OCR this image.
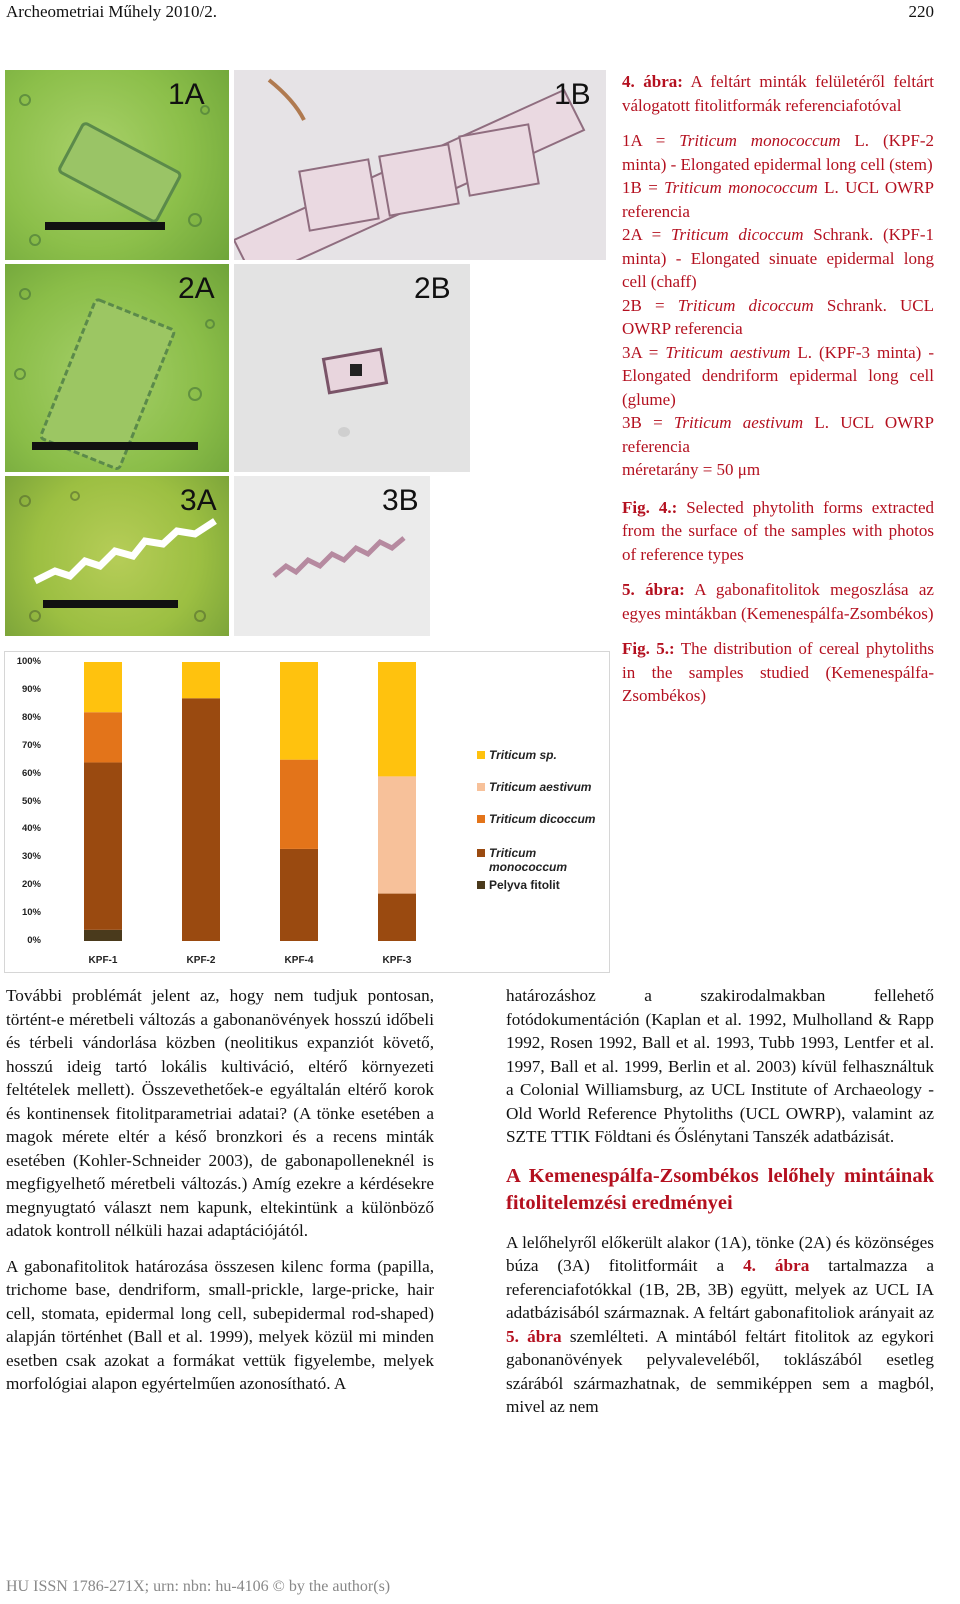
Archeometriai Műhely 2010/2.	220
1A	1B
2A	2B
3A	3B

4. ábra: A feltárt minták felületéről feltárt válogatott fitolitformák referenciafotóval

1A = Triticum monococcum L. (KPF-2 minta) - Elongated epidermal long cell (stem)

1B = Triticum monococcum L. UCL OWRP referencia

2A = Triticum dicoccum Schrank. (KPF-1 minta) - Elongated sinuate epidermal long cell (chaff)

2B = Triticum dicoccum Schrank. UCL OWRP referencia

3A = Triticum aestivum L. (KPF-3 minta) - Elongated dendriform epidermal long cell (glume)

3B = Triticum aestivum L. UCL OWRP referencia

méretarány = 50 μm

Fig. 4.: Selected phytolith forms extracted from the surface of the samples with photos of reference types

5. ábra: A gabonafitolitok megoszlása az egyes mintákban (Kemenespálfa-Zsombékos)

Fig. 5.: The distribution of cereal phytoliths in the samples studied (Kemenespálfa-Zsombékos)

0%
10%
20%
30%
40%
50%
60%
70%
80%
90%
100%
KPF-1	KPF-2	KPF-4	KPF-3
Triticum sp.
Triticum aestivum
Triticum dicoccum
Triticum monococcum
Pelyva fitolit

További problémát jelent az, hogy nem tudjuk pontosan, történt-e méretbeli változás a gabonanövények hosszú időbeli és térbeli vándorlása közben (neolitikus expanziót követő, hosszú ideig tartó lokális kultiváció, eltérő környezeti feltételek mellett). Összevethetőek-e egyáltalán eltérő korok és kontinensek fitolitparametriai adatai? (A tönke esetében a magok mérete eltér a késő bronzkori és a recens minták esetében (Kohler-Schneider 2003), de gabonapolleneknél is megfigyelhető méretbeli változás.) Amíg ezekre a kérdésekre megnyugtató választ nem kapunk, eltekintünk a különböző adatok kontroll nélküli hazai adaptációjától.

A gabonafitolitok határozása összesen kilenc forma (papilla, trichome base, dendriform, small-prickle, large-pricke, hair cell, stomata, epidermal long cell, subepidermal rod-shaped) alapján történhet (Ball et al. 1999), melyek közül mi minden esetben csak azokat a formákat vettük figyelembe, melyek morfológiai alapon egyértelműen azonosítható. A

határozáshoz a szakirodalmakban fellehető fotódokumentáción (Kaplan et al. 1992, Mulholland & Rapp 1992, Rosen 1992, Ball et al. 1993, Tubb 1993, Lentfer et al. 1997, Ball et al. 1999, Berlin et al. 2003) kívül felhasználtuk a Colonial Williamsburg, az UCL Institute of Archaeology - Old World Reference Phytoliths (UCL OWRP), valamint az SZTE TTIK Földtani és Őslénytani Tanszék adatbázisát.

A Kemenespálfa-Zsombékos lelőhely mintáinak fitolitelemzési eredményei

A lelőhelyről előkerült alakor (1A), tönke (2A) és közönséges búza (3A) fitolitformáit a 4. ábra tartalmazza a referenciafotókkal (1B, 2B, 3B) együtt, melyek az UCL IA adatbázisából származnak. A feltárt gabonafitoliok arányait az 5. ábra szemlélteti. A mintából feltárt fitolitok az egykori gabonanövények pelyvaleveléből, toklászából esetleg szárából származhatnak, de semmiképpen sem a magból, mivel az nem

HU ISSN 1786-271X; urn: nbn: hu-4106 © by the author(s)
